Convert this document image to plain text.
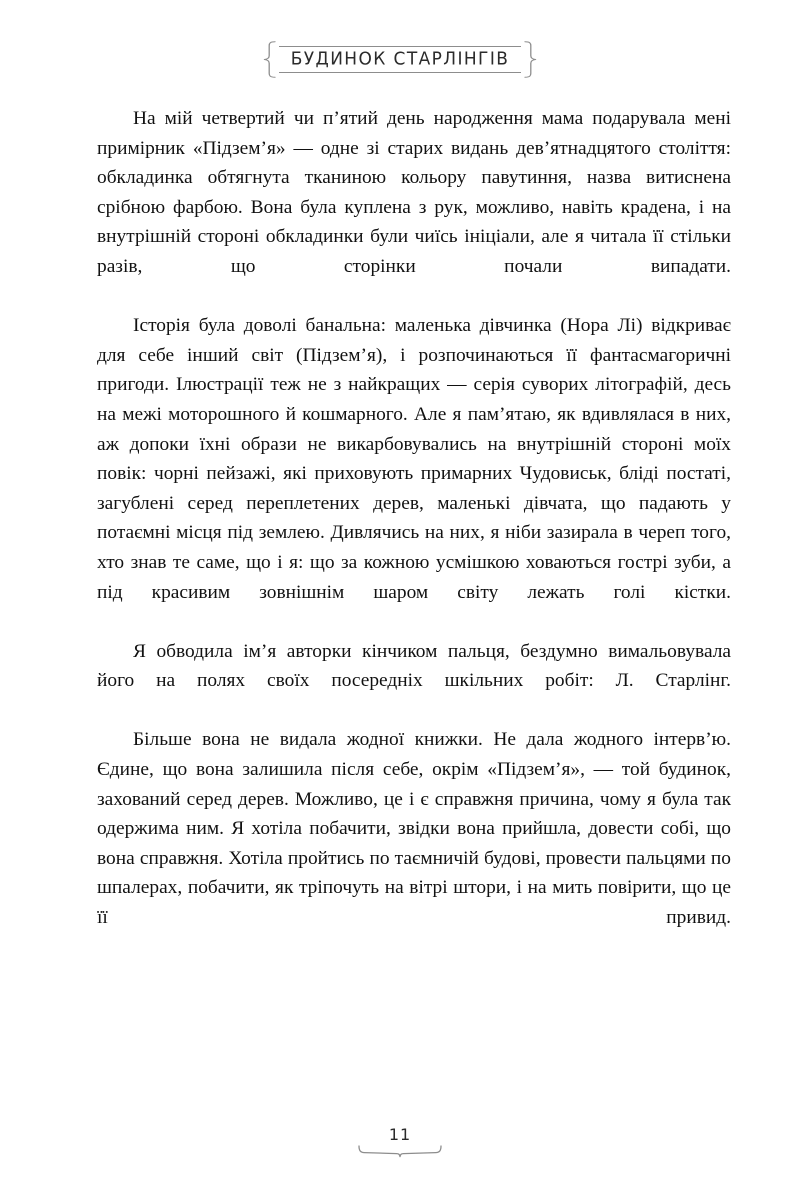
БУДИНОК СТАРЛІНГІВ

На мій четвертий чи п’ятий день народження мама подарувала мені примірник «Підзем’я» — одне зі старих видань дев’ятнадцятого століття: обкладинка обтягнута тканиною кольору павутиння, назва витиснена срібною фарбою. Вона була куплена з рук, можливо, навіть крадена, і на внутрішній стороні обкладинки були чиїсь ініціали, але я читала її стільки разів, що сторінки почали випадати.

Історія була доволі банальна: маленька дівчинка (Нора Лі) відкриває для себе інший світ (Підзем’я), і розпочинаються її фантасмагоричні пригоди. Ілюстрації теж не з найкращих — серія суворих літографій, десь на межі моторошного й кошмарного. Але я пам’ятаю, як вдивлялася в них, аж допоки їхні образи не викарбовувались на внутрішній стороні моїх повік: чорні пейзажі, які приховують примарних Чудовиськ, бліді постаті, загублені серед переплетених дерев, маленькі дівчата, що падають у потаємні місця під землею. Дивлячись на них, я ніби зазирала в череп того, хто знав те саме, що і я: що за кожною усмішкою ховаються гострі зуби, а під красивим зовнішнім шаром світу лежать голі кістки.

Я обводила ім’я авторки кінчиком пальця, бездумно вимальовувала його на полях своїх посередніх шкільних робіт: Л. Старлінг.

Більше вона не видала жодної книжки. Не дала жодного інтерв’ю. Єдине, що вона залишила після себе, окрім «Підзем’я», — той будинок, захований серед дерев. Можливо, це і є справжня причина, чому я була так одержима ним. Я хотіла побачити, звідки вона прийшла, довести собі, що вона справжня. Хотіла пройтись по таємничій будові, провести пальцями по шпалерах, побачити, як тріпочуть на вітрі штори, і на мить повірити, що це її привид.

11
